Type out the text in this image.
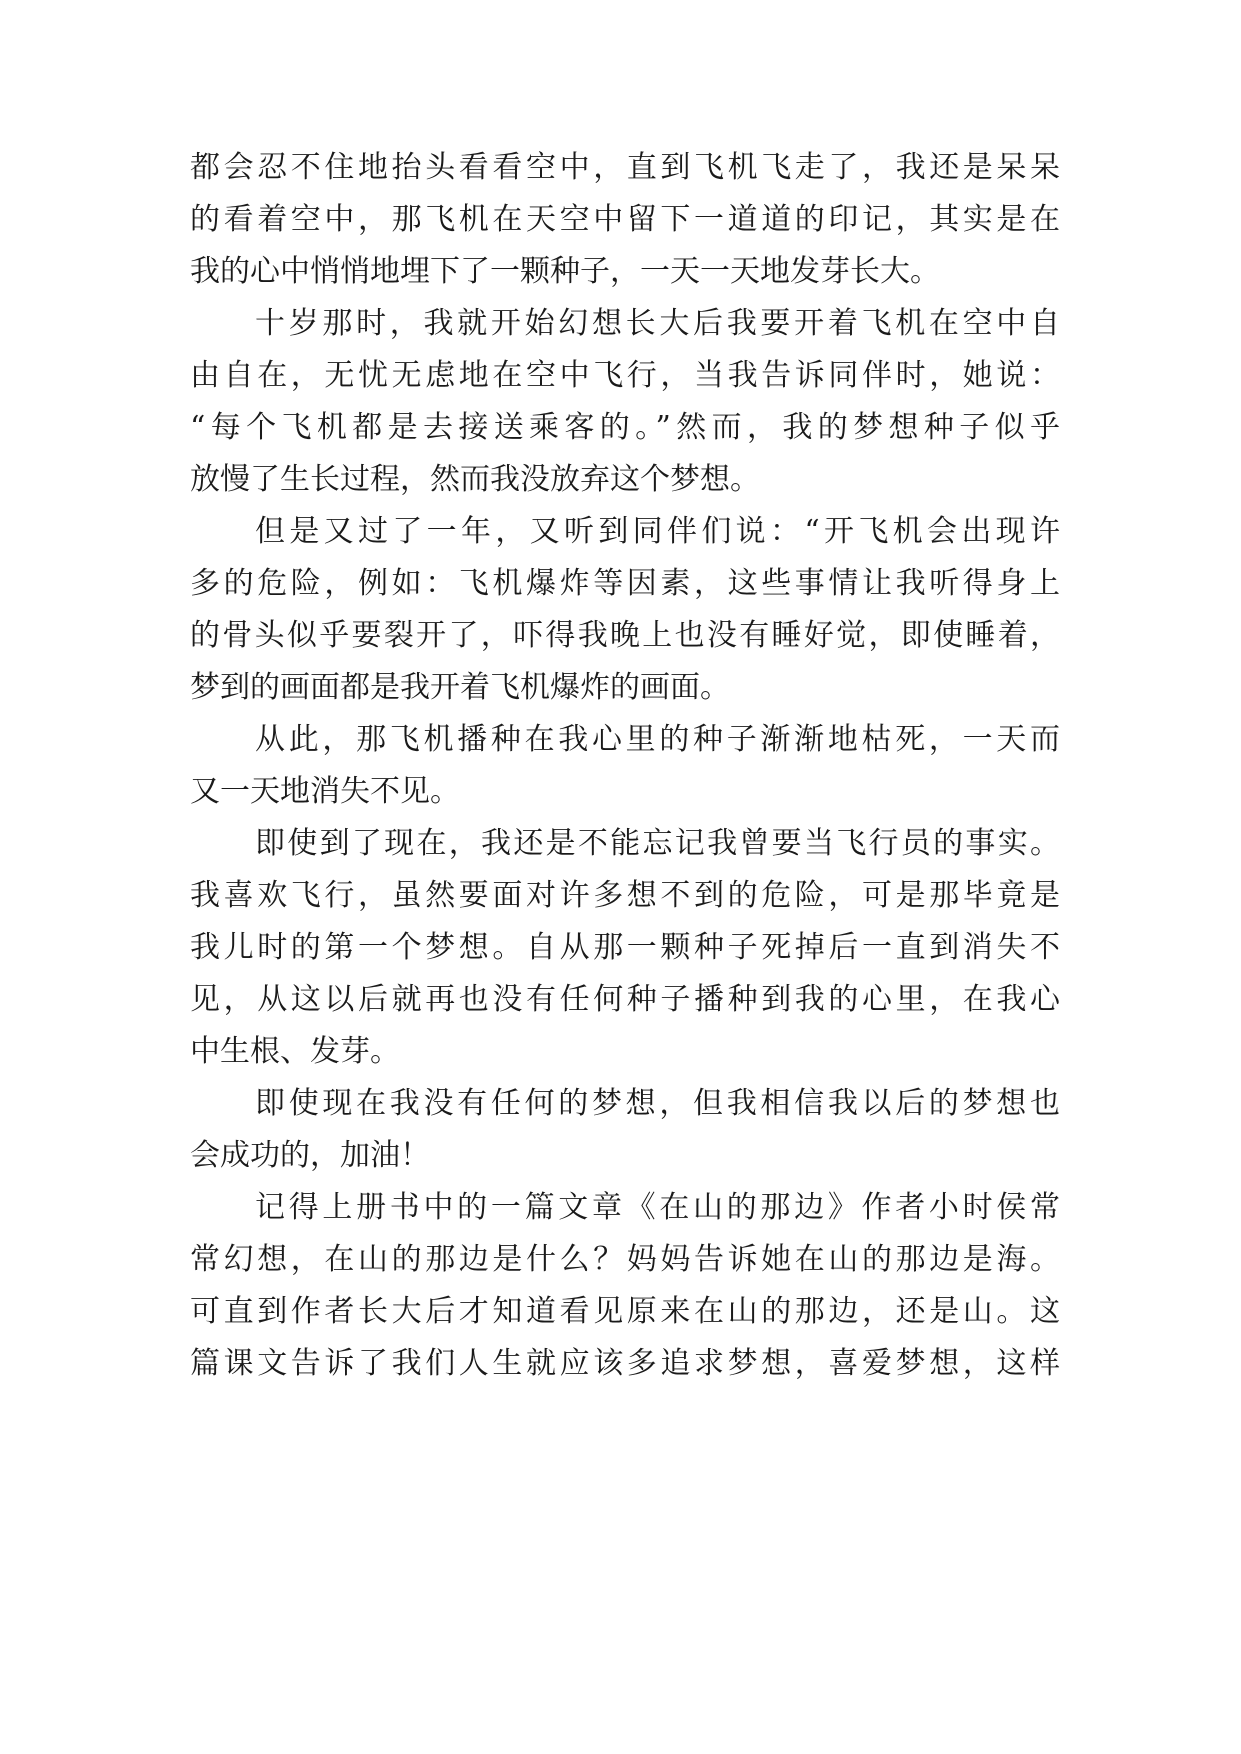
都会忍不住地抬头看看空中，直到飞机飞走了，我还是呆呆
的看着空中，那飞机在天空中留下一道道的印记，其实是在
我的心中悄悄地埋下了一颗种子，一天一天地发芽长大。
十岁那时，我就开始幻想长大后我要开着飞机在空中自
由自在，无忧无虑地在空中飞行，当我告诉同伴时，她说：
“每个飞机都是去接送乘客的。”然而，我的梦想种子似乎
放慢了生长过程，然而我没放弃这个梦想。
但是又过了一年，又听到同伴们说：“开飞机会出现许
多的危险，例如：飞机爆炸等因素，这些事情让我听得身上
的骨头似乎要裂开了，吓得我晚上也没有睡好觉，即使睡着，
梦到的画面都是我开着飞机爆炸的画面。
从此，那飞机播种在我心里的种子渐渐地枯死，一天而
又一天地消失不见。
即使到了现在，我还是不能忘记我曾要当飞行员的事实。
我喜欢飞行，虽然要面对许多想不到的危险，可是那毕竟是
我儿时的第一个梦想。自从那一颗种子死掉后一直到消失不
见，从这以后就再也没有任何种子播种到我的心里，在我心
中生根、发芽。
即使现在我没有任何的梦想，但我相信我以后的梦想也
会成功的，加油！
记得上册书中的一篇文章《在山的那边》作者小时侯常
常幻想，在山的那边是什么？妈妈告诉她在山的那边是海。
可直到作者长大后才知道看见原来在山的那边，还是山。这
篇课文告诉了我们人生就应该多追求梦想，喜爱梦想，这样
